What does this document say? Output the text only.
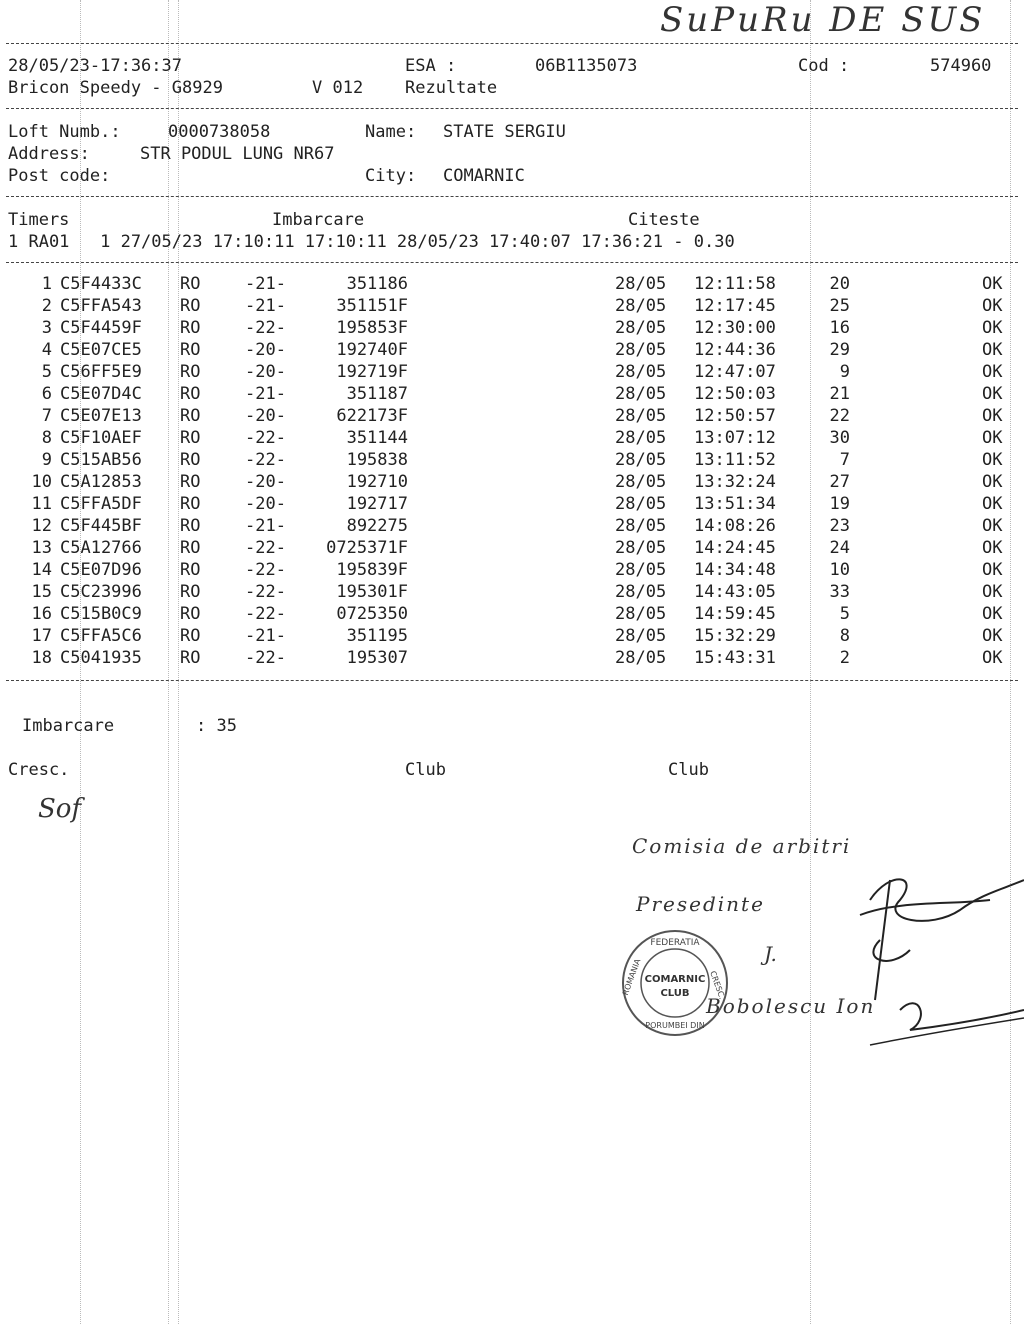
SuPuRu DE SUS
28/05/23-17:36:37	ESA :	06B1135073	Cod :	574960
Bricon Speedy - G8929	V 012 Rezultate
Loft Numb.:	0000738058	Name: STATE SERGIU
Address:	STR PODUL LUNG NR67
Post code:	City: COMARNIC
Timers	Imbarcare	Citeste
1 RA01   1 27/05/23 17:10:11 17:10:11 28/05/23 17:40:07 17:36:21 - 0.30
1 C5F4433C RO	-21-	351186	28/05 12:11:58	20	OK
2 C5FFA543 RO	-21-	351151F	28/05 12:17:45	25	OK
3 C5F4459F RO	-22-	195853F	28/05 12:30:00	16	OK
4 C5E07CE5 RO	-20-	192740F	28/05 12:44:36	29	OK
5 C56FF5E9 RO	-20-	192719F	28/05 12:47:07	9	OK
6 C5E07D4C RO	-21-	351187	28/05 12:50:03	21	OK
7 C5E07E13 RO	-20-	622173F	28/05 12:50:57	22	OK
8 C5F10AEF RO	-22-	351144	28/05 13:07:12	30	OK
9 C515AB56 RO	-22-	195838	28/05 13:11:52	7	OK
10 C5A12853 RO	-20-	192710	28/05 13:32:24	27	OK
11 C5FFA5DF RO	-20-	192717	28/05 13:51:34	19	OK
12 C5F445BF RO	-21-	892275	28/05 14:08:26	23	OK
13 C5A12766 RO	-22-	0725371F	28/05 14:24:45	24	OK
14 C5E07D96 RO	-22-	195839F	28/05 14:34:48	10	OK
15 C5C23996 RO	-22-	195301F	28/05 14:43:05	33	OK
16 C515B0C9 RO	-22-	0725350	28/05 14:59:45	5	OK
17 C5FFA5C6 RO	-21-	351195	28/05 15:32:29	8	OK
18 C5041935 RO	-22-	195307	28/05 15:43:31	2	OK
Imbarcare	: 35
Cresc.	Club	Club
Sof
Comisia de arbitri
Presedinte
J.
Bobolescu Ion
FEDERATIA
CRESC.
ROMANIA
PORUMBEI DIN
COMARNIC
CLUB
